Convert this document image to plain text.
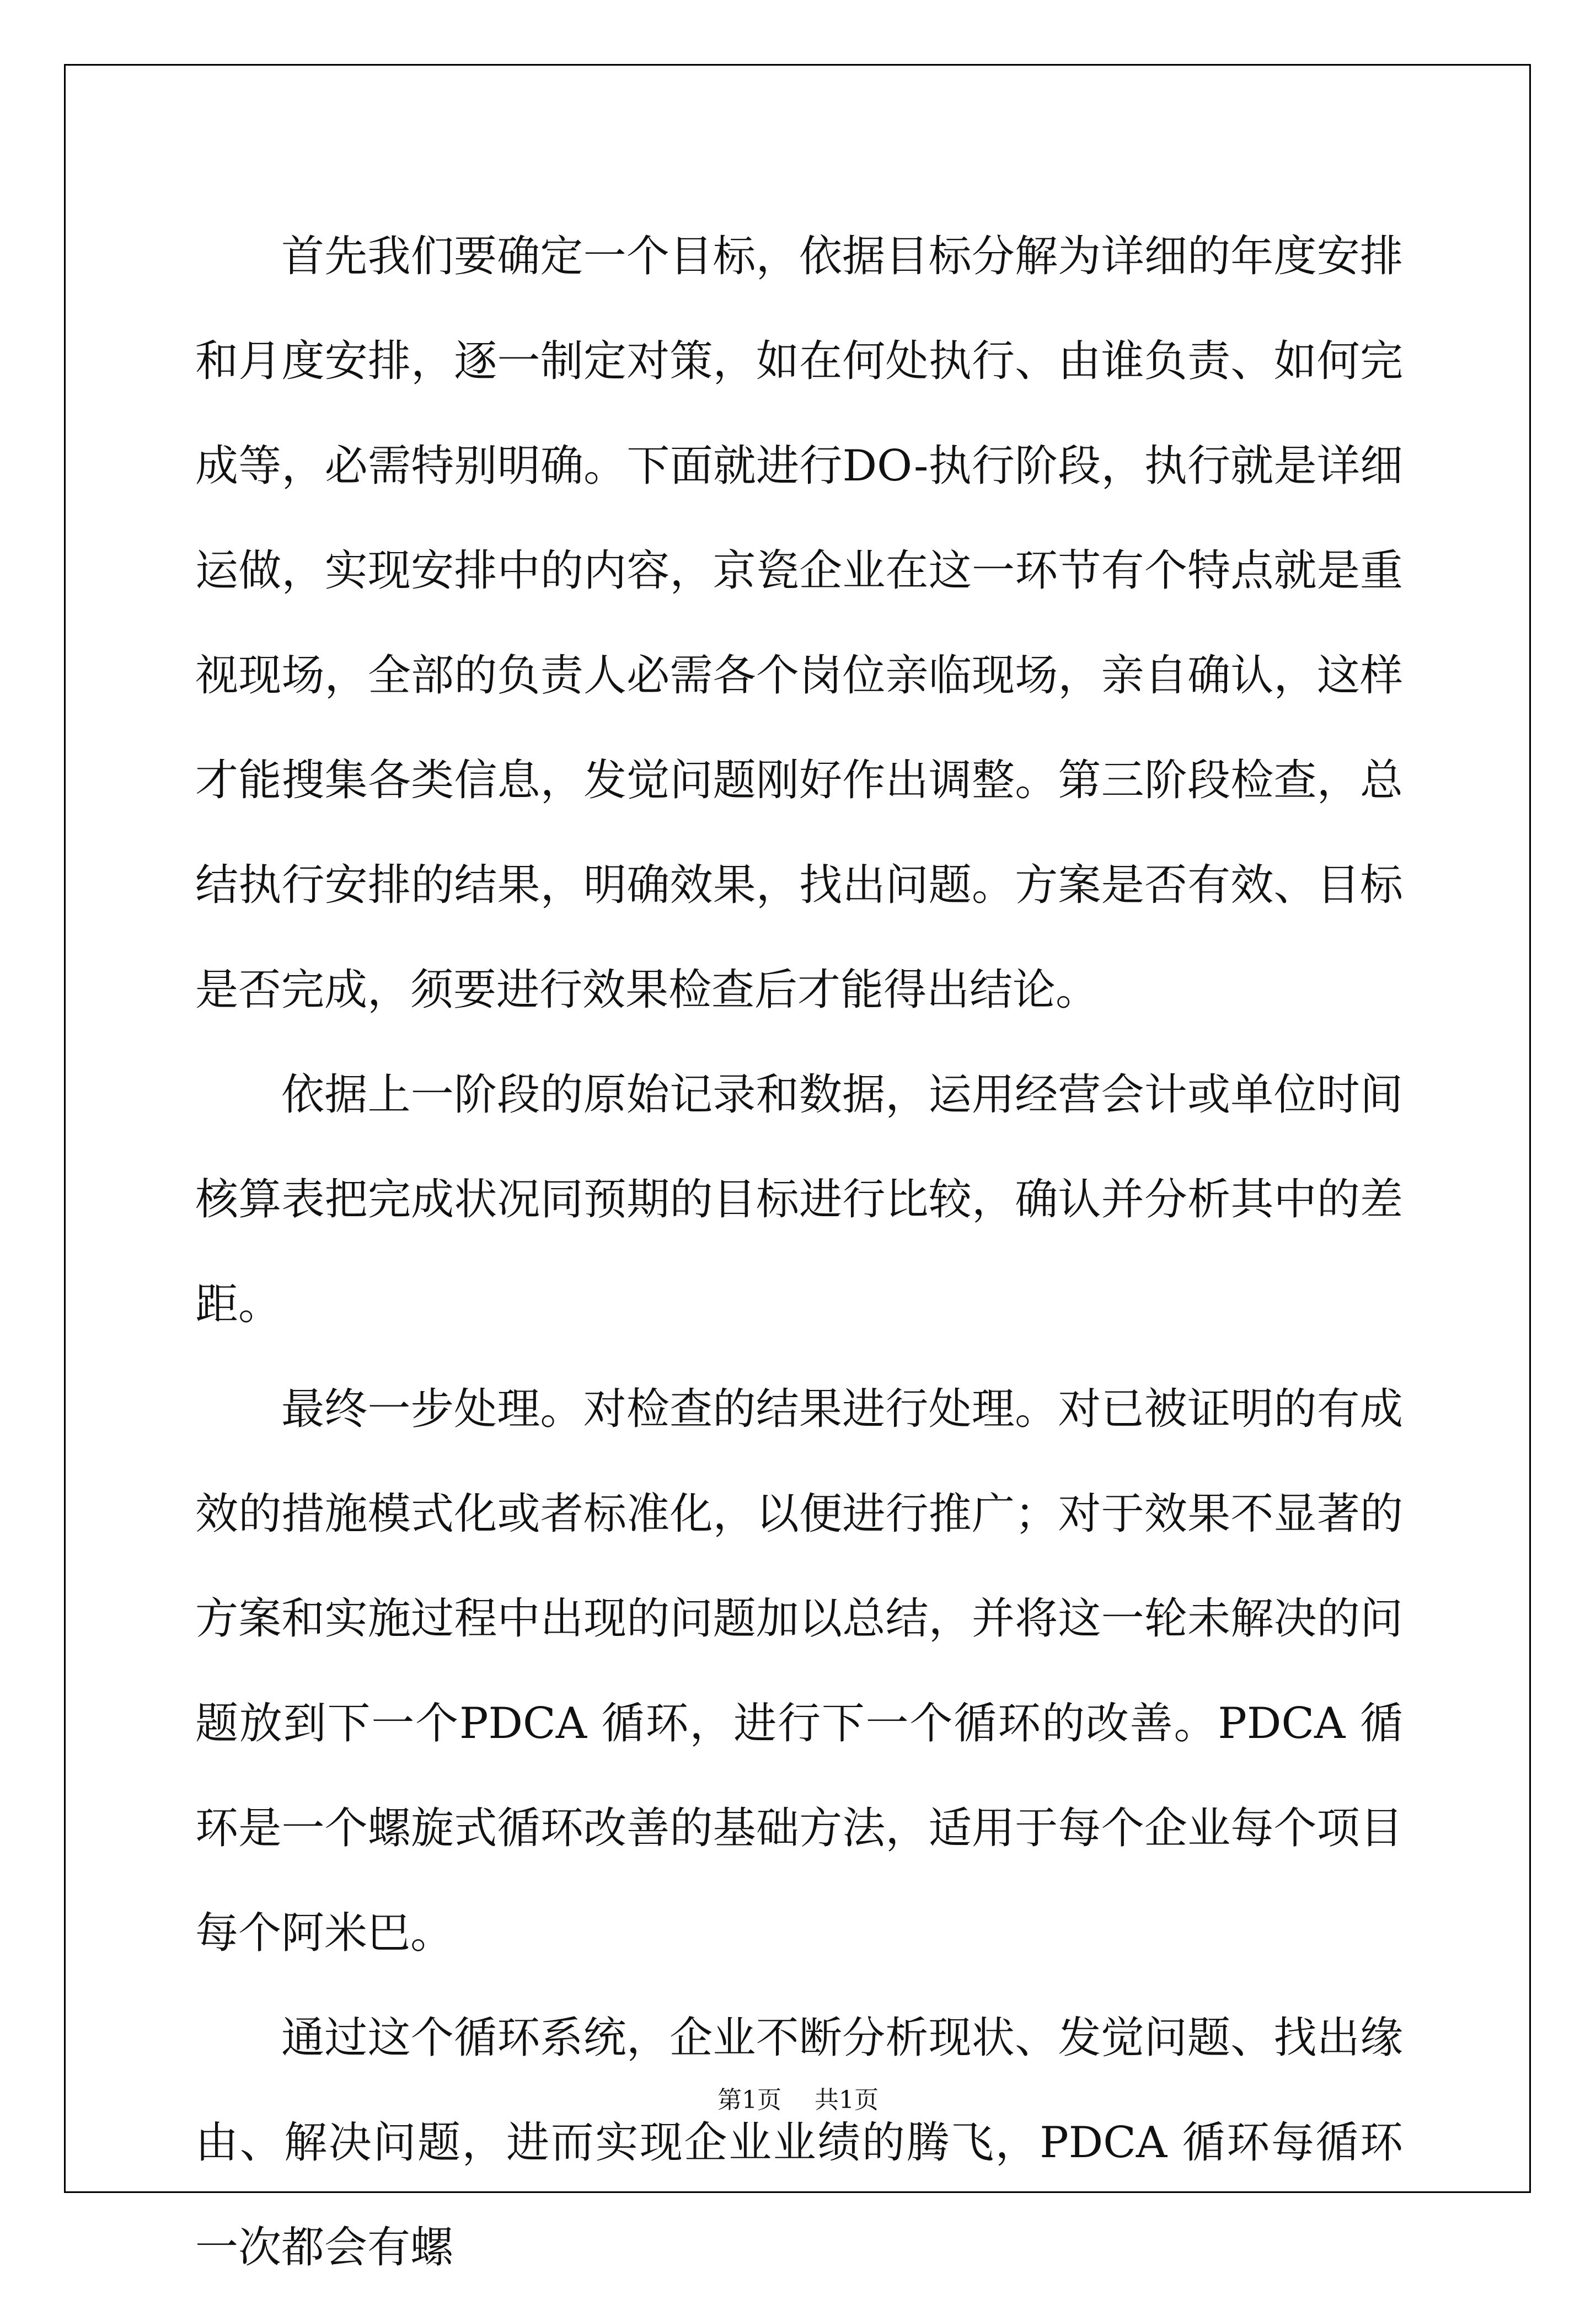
首先我们要确定一个目标，依据目标分解为详细的年度安排和月度安排，逐一制定对策，如在何处执行、由谁负责、如何完成等，必需特别明确。下面就进行DO-执行阶段，执行就是详细运做，实现安排中的内容，京瓷企业在这一环节有个特点就是重视现场，全部的负责人必需各个岗位亲临现场，亲自确认，这样才能搜集各类信息，发觉问题刚好作出调整。第三阶段检查，总结执行安排的结果，明确效果，找出问题。方案是否有效、目标是否完成，须要进行效果检查后才能得出结论。

依据上一阶段的原始记录和数据，运用经营会计或单位时间核算表把完成状况同预期的目标进行比较，确认并分析其中的差距。

最终一步处理。对检查的结果进行处理。对已被证明的有成效的措施模式化或者标准化，以便进行推广；对于效果不显著的方案和实施过程中出现的问题加以总结，并将这一轮未解决的问题放到下一个PDCA 循环，进行下一个循环的改善。PDCA 循环是一个螺旋式循环改善的基础方法，适用于每个企业每个项目每个阿米巴。

通过这个循环系统，企业不断分析现状、发觉问题、找出缘由、解决问题，进而实现企业业绩的腾飞，PDCA 循环每循环一次都会有螺

第1页 共1页
